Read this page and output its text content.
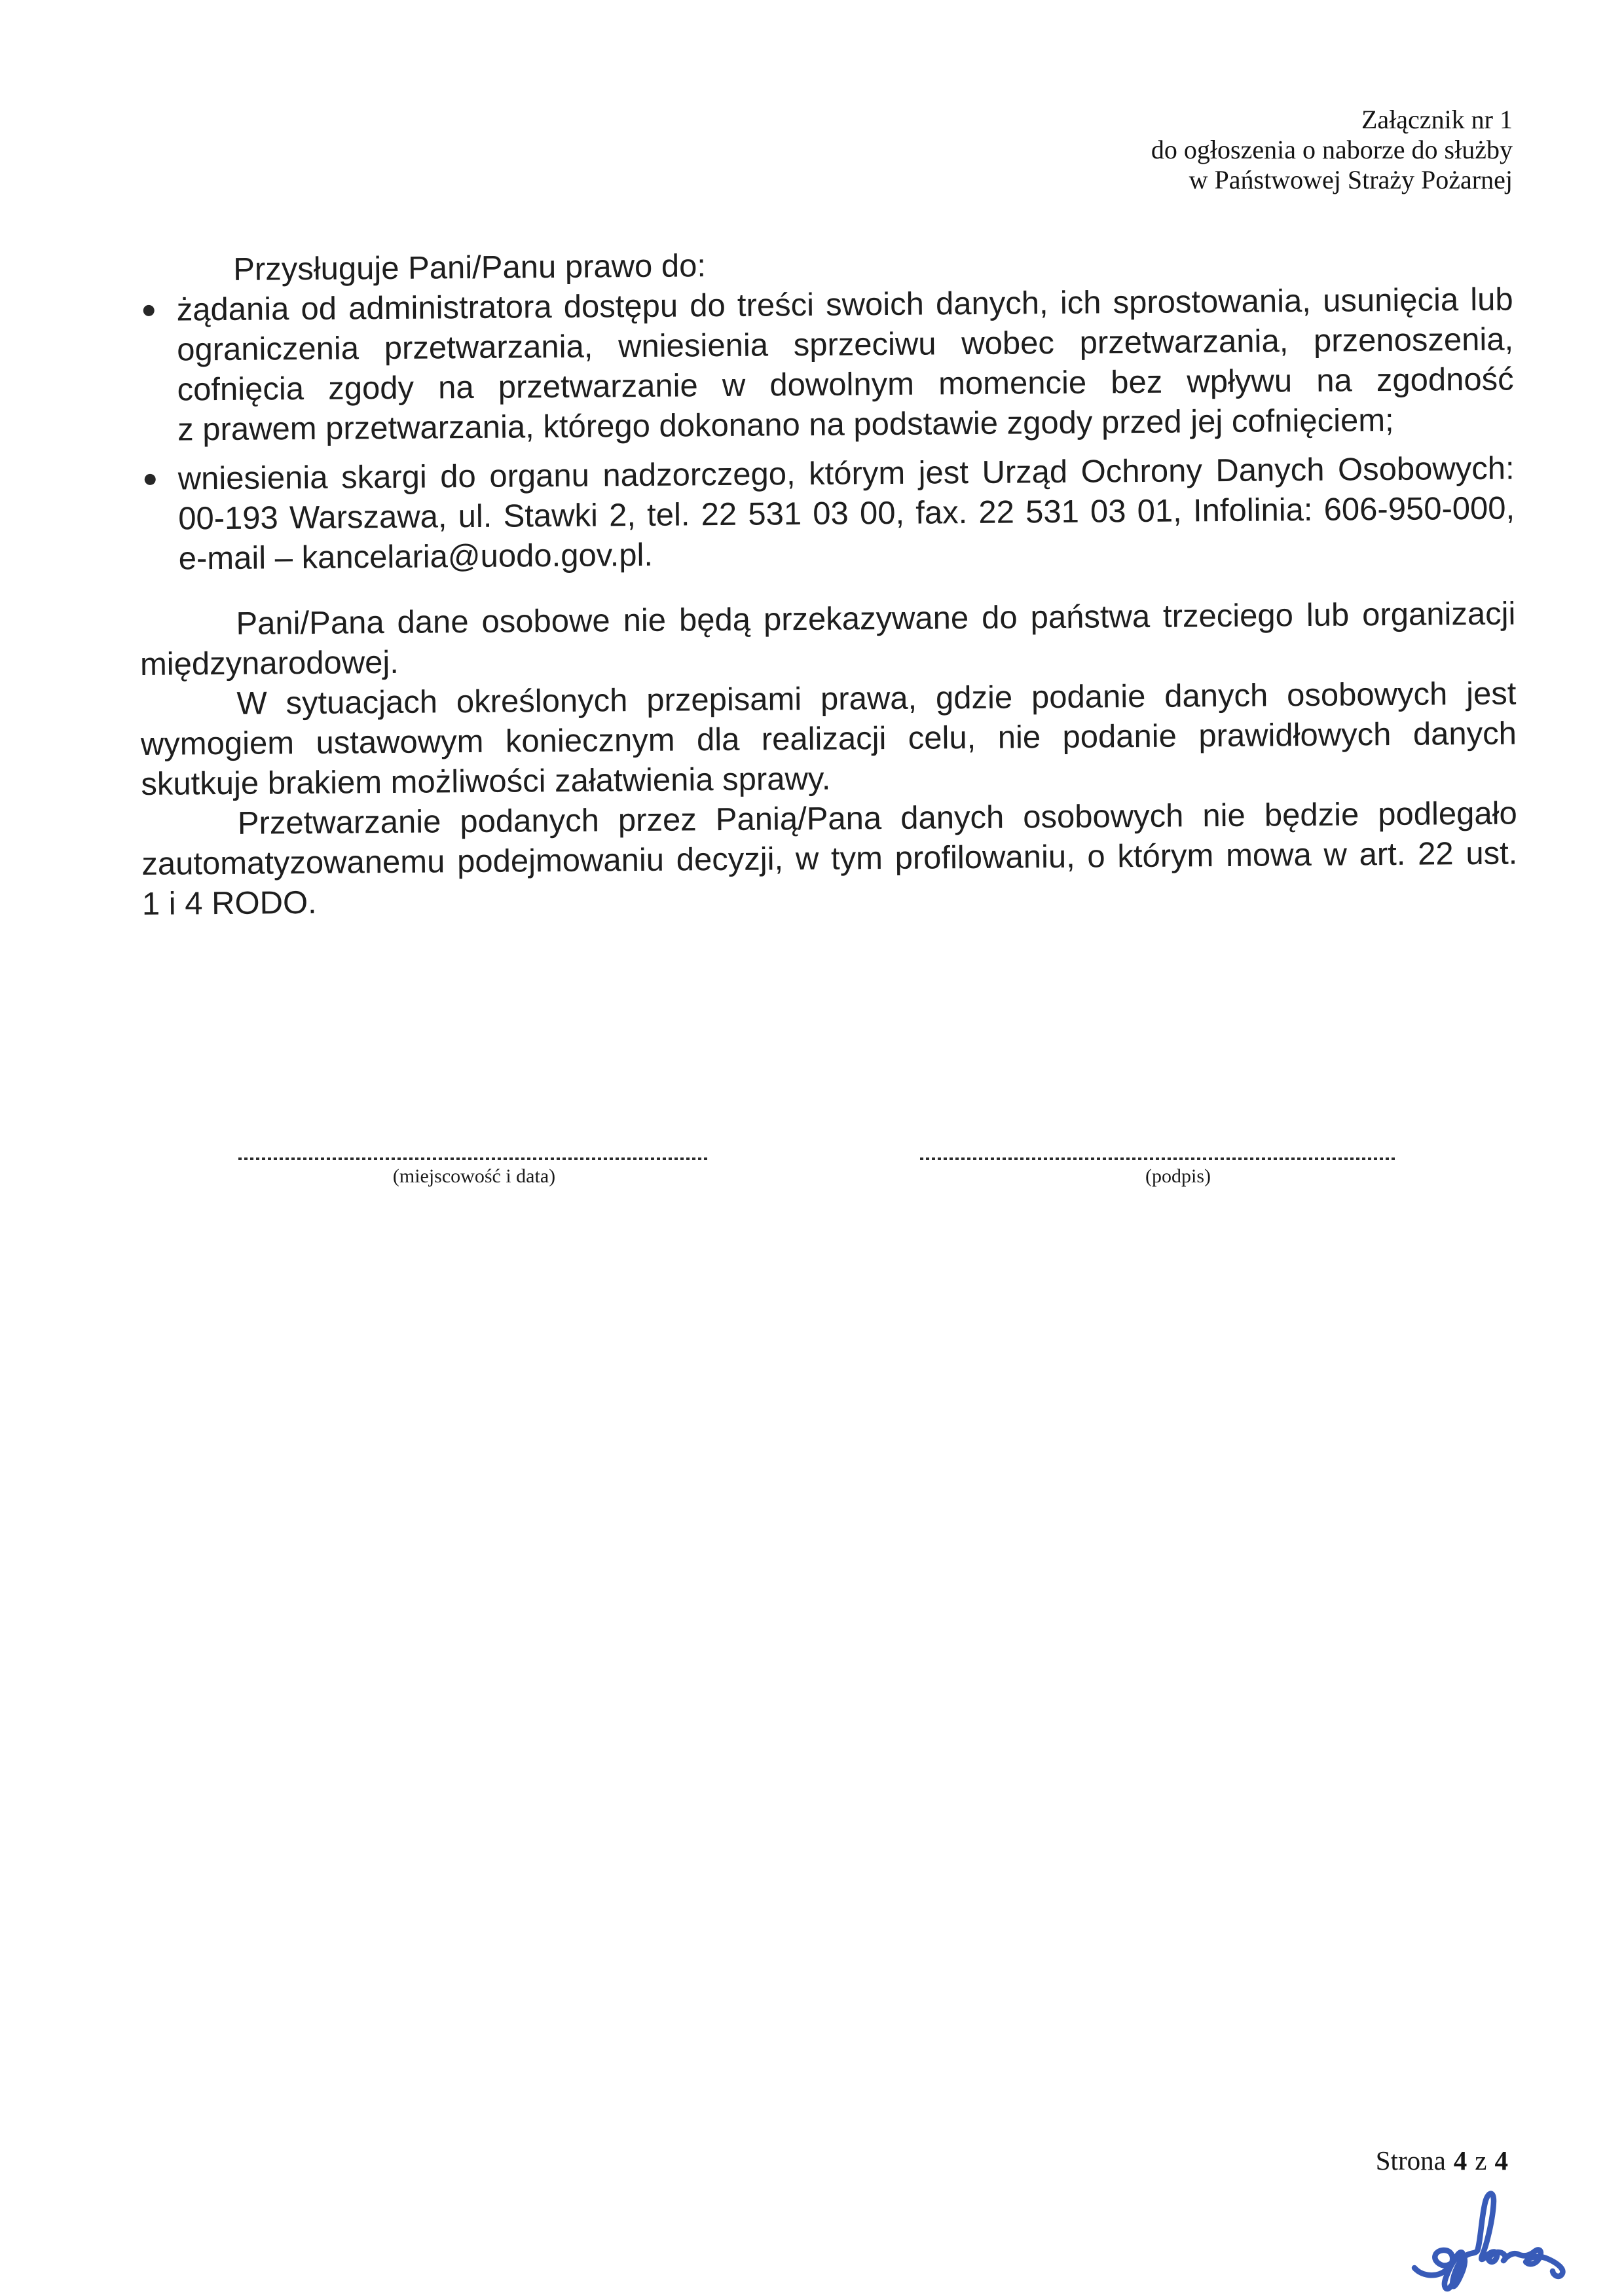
Załącznik nr 1
do ogłoszenia o naborze do służby
w Państwowej Straży Pożarnej
Przysługuje Pani/Panu prawo do:
żądania od administratora dostępu do treści swoich danych, ich sprostowania, usunięcia lub
ograniczenia przetwarzania, wniesienia sprzeciwu wobec przetwarzania, przenoszenia,
cofnięcia zgody na przetwarzanie w dowolnym momencie bez wpływu na zgodność
z prawem przetwarzania, którego dokonano na podstawie zgody przed jej cofnięciem;
wniesienia skargi do organu nadzorczego, którym jest Urząd Ochrony Danych Osobowych:
00-193 Warszawa, ul. Stawki 2, tel. 22 531 03 00, fax. 22 531 03 01, Infolinia: 606-950-000,
e-mail – kancelaria@uodo.gov.pl.
Pani/Pana dane osobowe nie będą przekazywane do państwa trzeciego lub organizacji
międzynarodowej.
W sytuacjach określonych przepisami prawa, gdzie podanie danych osobowych jest
wymogiem ustawowym koniecznym dla realizacji celu, nie podanie prawidłowych danych
skutkuje brakiem możliwości załatwienia sprawy.
Przetwarzanie podanych przez Panią/Pana danych osobowych nie będzie podlegało
zautomatyzowanemu podejmowaniu decyzji, w tym profilowaniu, o którym mowa w art. 22 ust.
1 i 4 RODO.
(miejscowość i data)	(podpis)
Strona 4 z 4
